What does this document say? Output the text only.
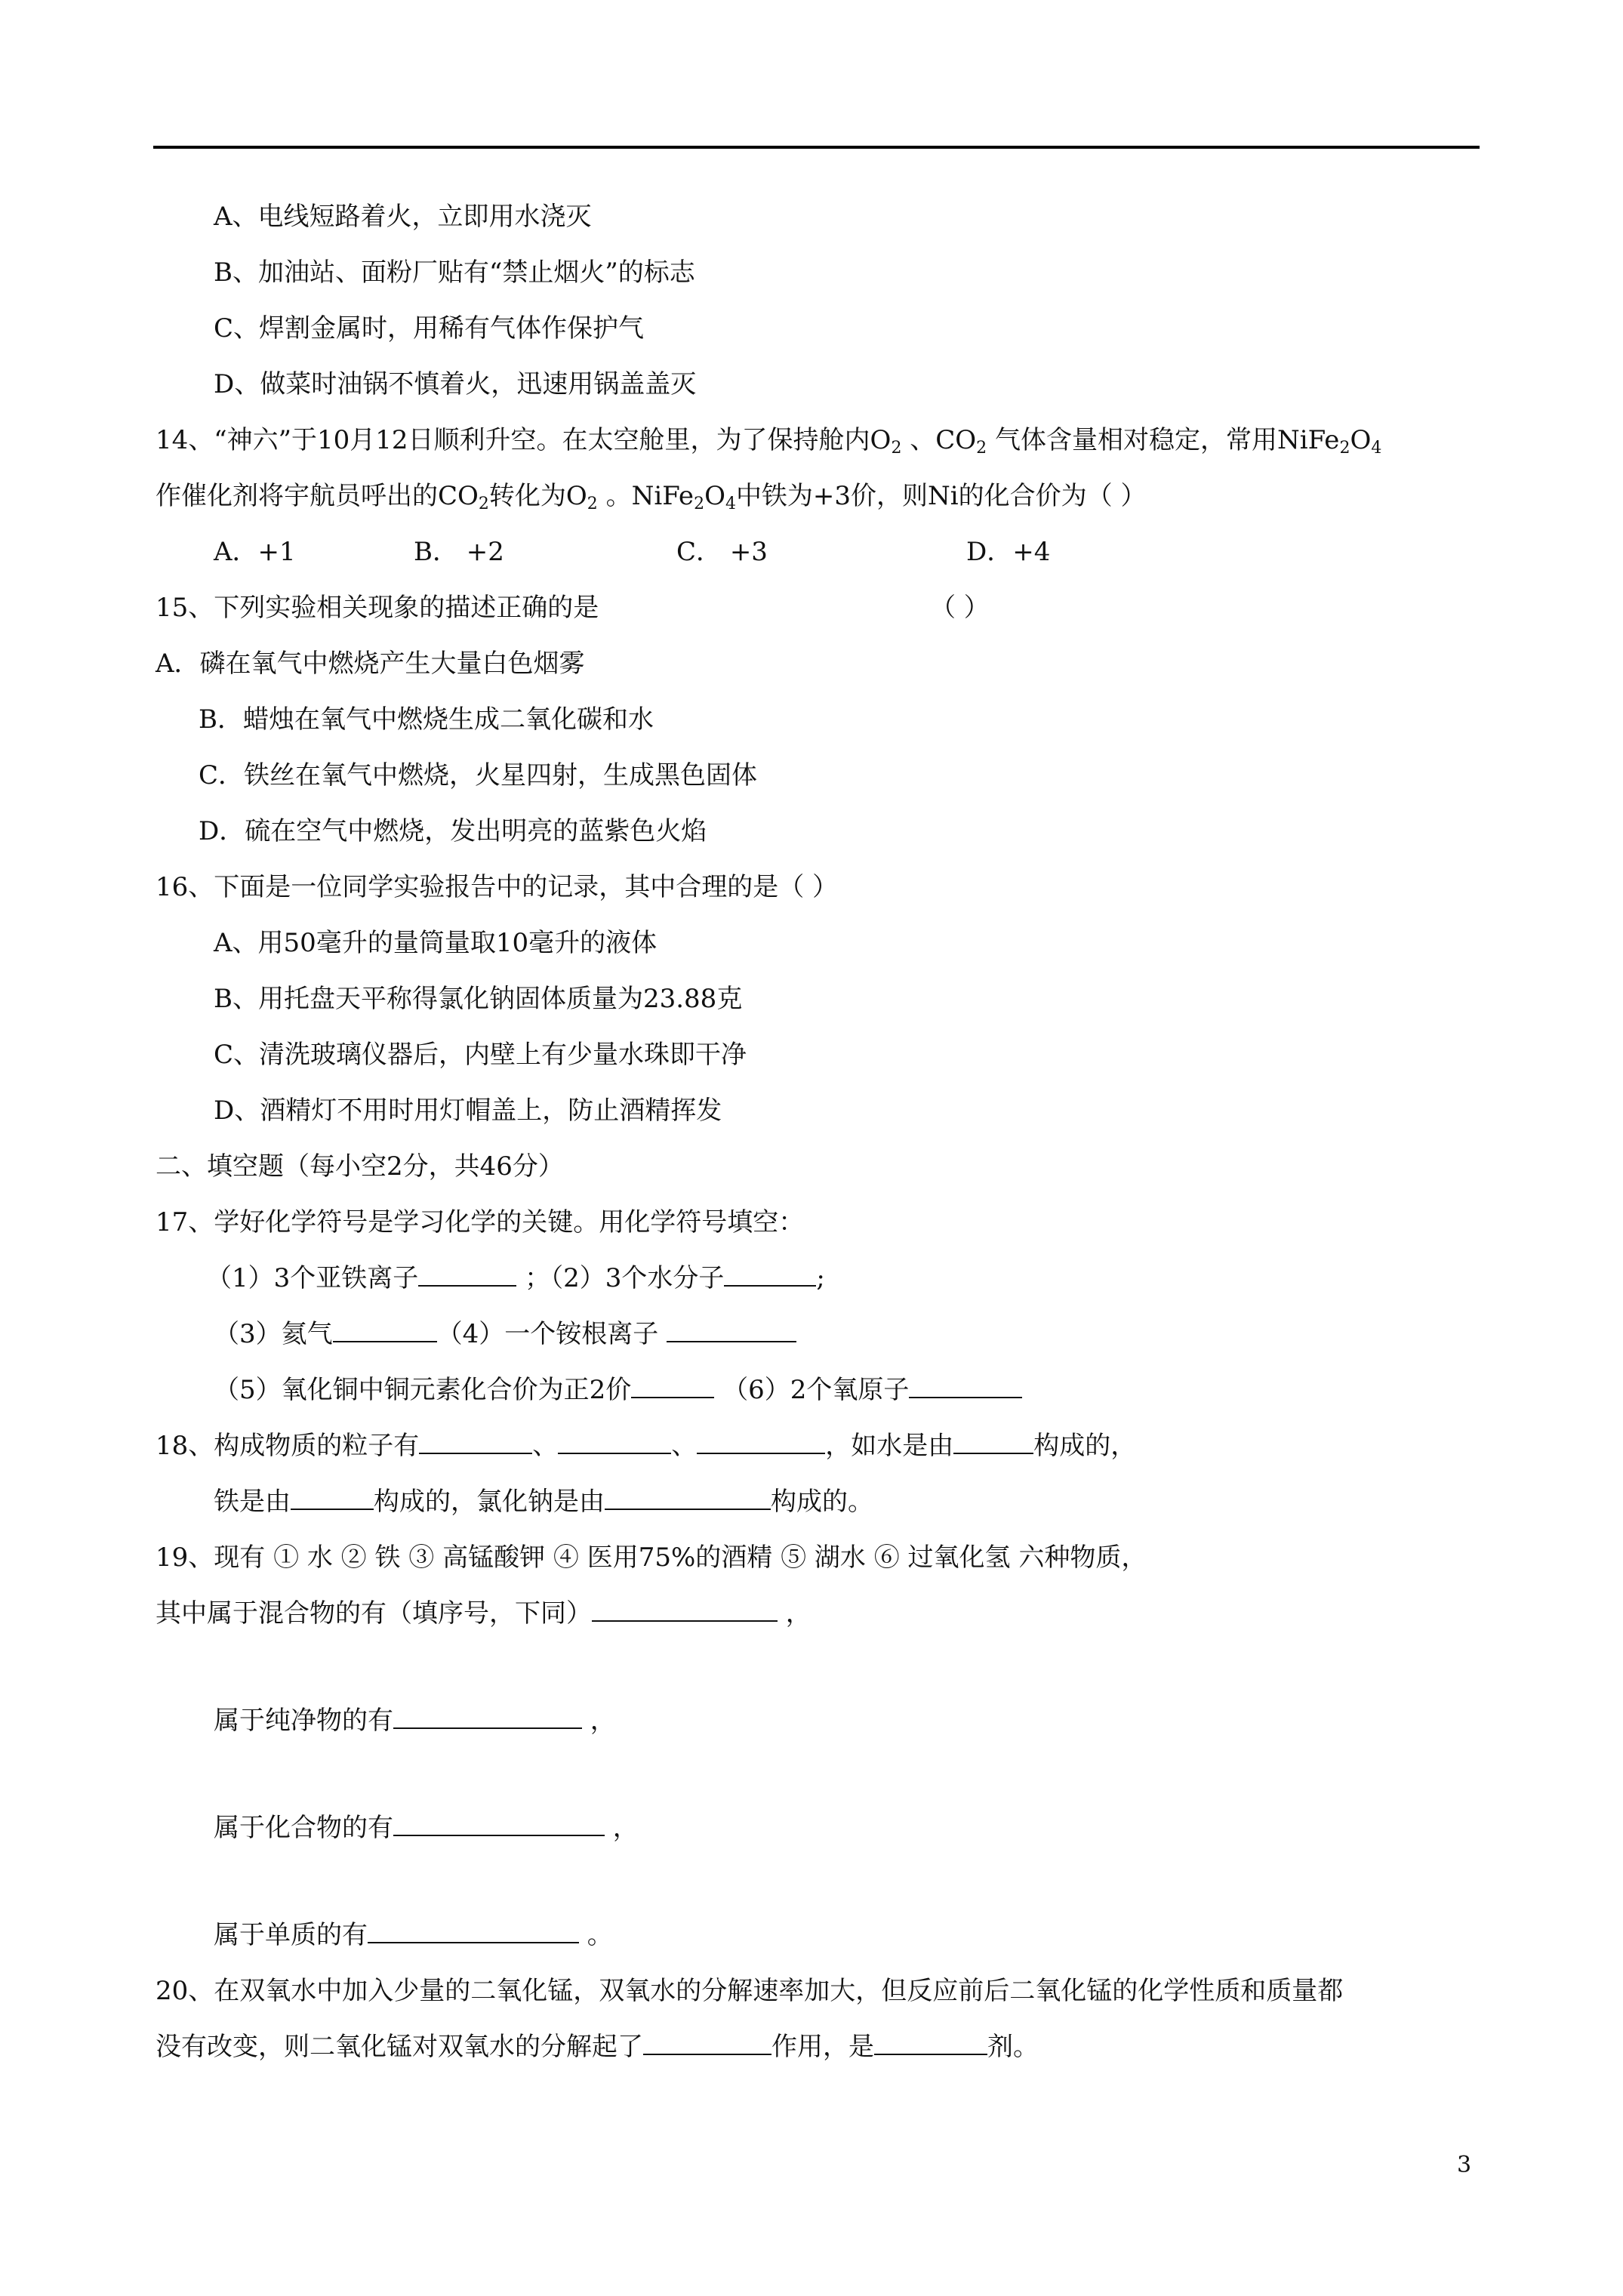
A、电线短路着火，立即用水浇灭
B、加油站、面粉厂贴有“禁止烟火”的标志
C、焊割金属时，用稀有气体作保护气
D、做菜时油锅不慎着火，迅速用锅盖盖灭
14、“神六”于10月12日顺利升空。在太空舱里，为了保持舱内$O_2$ 、$CO_2$ 气体含量相对稳定，常用$NiFe_2O_4$
作催化剂将宇航员呼出的$CO_2$转化为$O_2$ 。$NiFe_2O_4$中铁为+3价，则Ni的化合价为（ ）
A．+1	B． +2	C． +3	D．+4
15、下列实验相关现象的描述正确的是	（ ）
A．磷在氧气中燃烧产生大量白色烟雾
B．蜡烛在氧气中燃烧生成二氧化碳和水
C．铁丝在氧气中燃烧，火星四射，生成黑色固体
D．硫在空气中燃烧，发出明亮的蓝紫色火焰
16、下面是一位同学实验报告中的记录，其中合理的是（ ）
A、用50毫升的量筒量取10毫升的液体
B、用托盘天平称得氯化钠固体质量为23.88克
C、清洗玻璃仪器后，内壁上有少量水珠即干净
D、酒精灯不用时用灯帽盖上，防止酒精挥发
二、填空题（每小空2分，共46分）
17、学好化学符号是学习化学的关键。用化学符号填空：
（1）3个亚铁离子	；（2）3个水分子	;
（3）氦气	（4）一个铵根离子
（5）氧化铜中铜元素化合价为正2价	（6）2个氧原子
18、构成物质的粒子有	、	、	，如水是由	构成的，
铁是由	构成的，氯化钠是由	构成的。
19、现有 ① 水 ② 铁 ③ 高锰酸钾 ④ 医用75%的酒精 ⑤ 湖水 ⑥ 过氧化氢 六种物质，
其中属于混合物的有（填序号，下同）	，
属于纯净物的有	，
属于化合物的有	，
属于单质的有	。
20、在双氧水中加入少量的二氧化锰，双氧水的分解速率加大，但反应前后二氧化锰的化学性质和质量都
没有改变，则二氧化锰对双氧水的分解起了	作用，是	剂。
3
